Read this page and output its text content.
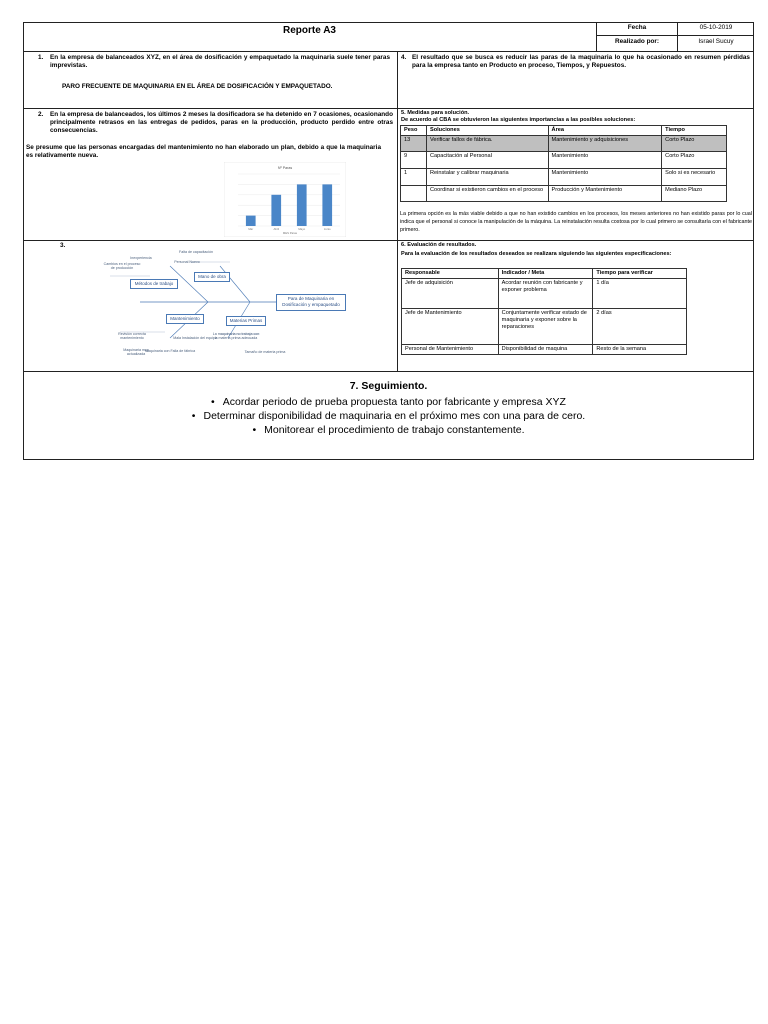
Reporte A3	Fecha	05-10-2019
Realizado por:	Israel Sucuy
1.	En la empresa de balanceados XYZ, en el área de dosificación y empaquetado la maquinaria suele tener paras imprevistas.
PARO FRECUENTE DE MAQUINARIA EN EL ÁREA DE DOSIFICACIÓN Y EMPAQUETADO.
4. El resultado que se busca es reducir las paras de la maquinaria lo que ha ocasionado en resumen pérdidas para la empresa tanto en Producto en proceso, Tiempos, y Repuestos.
2.	En la empresa de balanceados, los últimos 2 meses la dosificadora se ha detenido en 7 ocasiones, ocasionando principalmente retrasos en las entregas de pedidos, paras en la producción, producto perdido entre otras consecuencias.
Se presume que las personas encargadas del mantenimiento no han elaborado un plan, debido a que la maquinaria es relativamente nueva.
Nº Paras
Mar	Abril	Mayo	Junio
MES Paras
5. Medidas para solución.
De acuerdo al CBA se obtuvieron las siguientes importancias a las posibles soluciones:
Peso	Soluciones	Área	Tiempo
13	Verificar fallos de fábrica.	Mantenimiento y adquisiciones	Corto Plazo
9	Capacitación al Personal	Mantenimiento	Corto Plazo
1	Reinstalar y calibrar maquinaria	Mantenimiento	Solo si es necesario
	Coordinar si existieron cambios en el proceso	Producción y Mantenimiento	Mediano Plazo
La primera opción es la más viable debido a que no han existido cambios en los procesos, los meses anteriores no han existido paras por lo cual indica que el personal si conoce la manipulación de la máquina. La reinstalación resulta costosa por lo cual primero se consultaría con el fabricante primero.
3.
Métodos de trabajo
Mano de obra
Mantenimiento	Materias Primas
Para de Maquinaria en Dosificación y empaquetado
Falta de capacitación
Inexperiencia
Cambios en el proceso de producción
Personal Nuevo
Revisión correcta mantenimiento	Mala Instalación del equipo
Maquinaria muy actualizada
Maquinaria con Falla de fábrica
La maquinaria no trabaja con la materia prima adecuada
Tamaño de materia prima
6. Evaluación de resultados.
Para la evaluación de los resultados deseados se realizara siguiendo las siguientes especificaciones:
Responsable	Indicador / Meta	Tiempo para verificar
Jefe de adquisición	Acordar reunión con fabricante y exponer problema	1 día
Jefe de Mantenimiento	Conjuntamente verificar estado de maquinaria y exponer sobre la reparaciones	2 días
Personal de Mantenimiento	Disponibilidad de maquina	Resto de la semana
7. Seguimiento.
• Acordar periodo de prueba propuesta tanto por fabricante y empresa XYZ
• Determinar disponibilidad de maquinaria en el próximo mes con una para de cero.
• Monitorear el procedimiento de trabajo constantemente.
